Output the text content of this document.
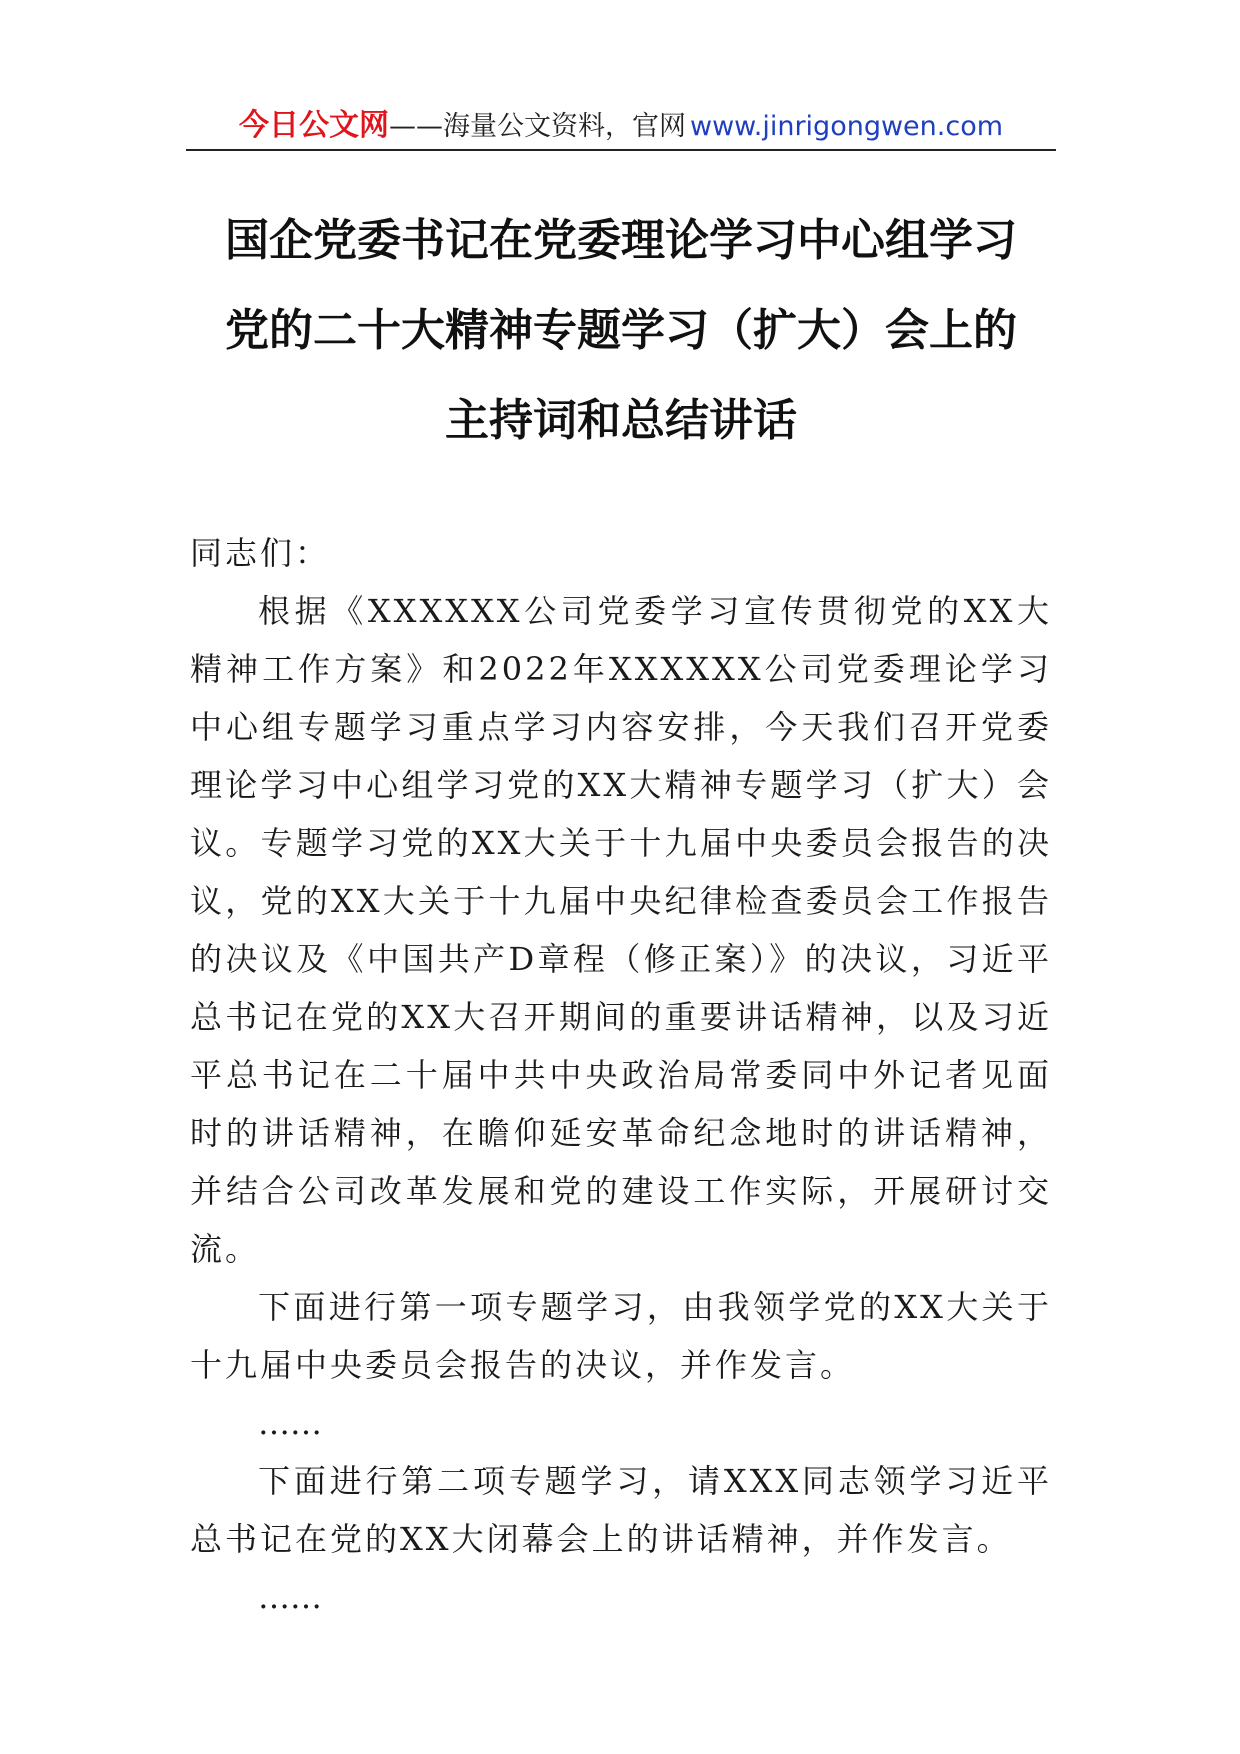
今日公文网——海量公文资料，官网 www.jinrigongwen.com
国企党委书记在党委理论学习中心组学习
党的二十大精神专题学习（扩大）会上的
主持词和总结讲话

同志们：

根据《XXXXXX公司党委学习宣传贯彻党的XX大精神工作方案》和2022年XXXXXX公司党委理论学习中心组专题学习重点学习内容安排，今天我们召开党委理论学习中心组学习党的XX大精神专题学习（扩大）会议。专题学习党的XX大关于十九届中央委员会报告的决议，党的XX大关于十九届中央纪律检查委员会工作报告的决议及《中国共产D章程（修正案）》的决议，习近平总书记在党的XX大召开期间的重要讲话精神，以及习近平总书记在二十届中共中央政治局常委同中外记者见面时的讲话精神，在瞻仰延安革命纪念地时的讲话精神，并结合公司改革发展和党的建设工作实际，开展研讨交流。

下面进行第一项专题学习，由我领学党的XX大关于十九届中央委员会报告的决议，并作发言。

……

下面进行第二项专题学习，请XXX同志领学习近平总书记在党的XX大闭幕会上的讲话精神，并作发言。

……
